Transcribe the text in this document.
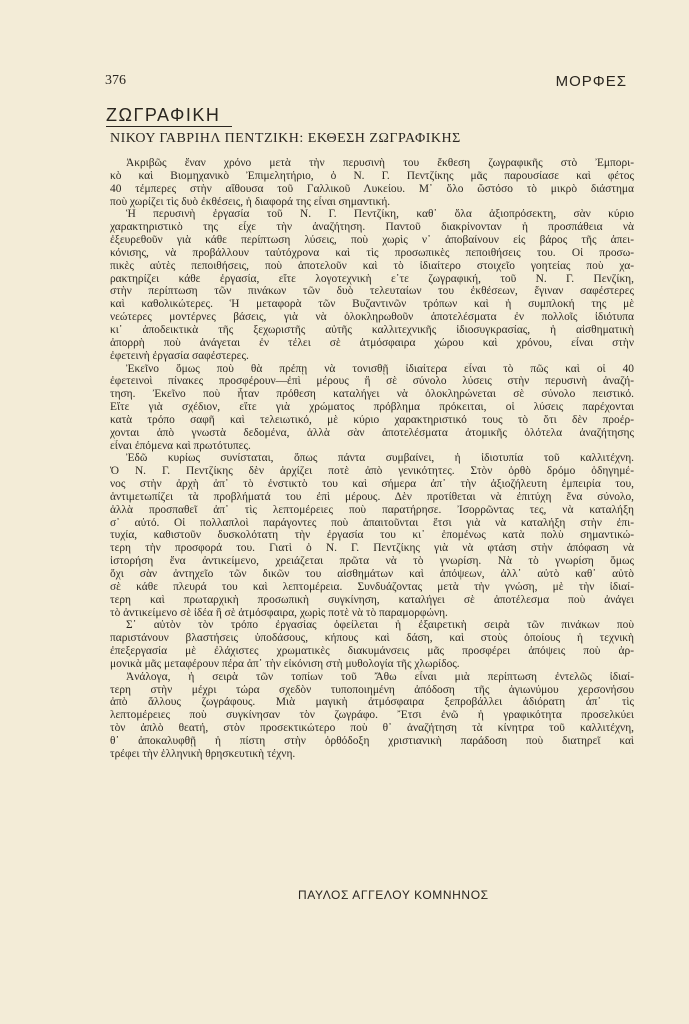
376	ΜΟΡΦΕΣ
ΖΩΓΡΑΦΙΚΗ
ΝΙΚΟΥ ΓΑΒΡΙΗΛ ΠΕΝΤΖΙΚΗ: ΕΚΘΕΣΗ ΖΩΓΡΑΦΙΚΗΣ
Ἀκριβῶς ἕναν χρόνο μετὰ τὴν περυσινὴ του ἔκθεση ζωγραφικῆς στὸ Ἐμπορι-
κὸ καὶ Βιομηχανικὸ Ἐπιμελητήριο, ὁ Ν. Γ. Πεντζίκης μᾶς παρουσίασε καὶ φέτος
40 τέμπερες στὴν αἴθουσα τοῦ Γαλλικοῦ Λυκείου. Μ᾿ ὅλο ὥστόσο τὸ μικρὸ διάστημα
ποὺ χωρίζει τὶς δυὸ ἐκθέσεις, ἡ διαφορά της εἶναι σημαντική.
Ἡ περυσινὴ ἐργασία τοῦ Ν. Γ. Πεντζίκη, καθ᾿ ὅλα ἀξιοπρόσεκτη, σὰν κύριο
χαρακτηριστικὸ της εἶχε τὴν ἀναζήτηση. Παντοῦ διακρίνονταν ἡ προσπάθεια νὰ
ἐξευρεθοῦν γιὰ κάθε περίπτωση λύσεις, ποὺ χωρὶς ν᾿ ἀποβαίνουν εἰς βάρος τῆς ἀπει-
κόνισης, νὰ προβάλλουν ταὐτόχρονα καὶ τὶς προσωπικὲς πεποιθήσεις του. Οἱ προσω-
πικὲς αὐτὲς πεποιθήσεις, ποὺ ἀποτελοῦν καὶ τὸ ἰδιαίτερο στοιχεῖο γοητείας ποὺ χα-
ρακτηρίζει κάθε ἐργασία, εἴτε λογοτεχνικὴ ε᾿τε ζωγραφική, τοῦ Ν. Γ. Πενζίκη,
στὴν περίπτωση τῶν πινάκων τῶν δυὸ τελευταίων του ἐκθέσεων, ἔγιναν σαφέστερες
καὶ καθολικώτερες. Ἡ μεταφορὰ τῶν Βυζαντινῶν τρόπων καὶ ἡ συμπλοκή της μὲ
νεώτερες μοντέρνες βάσεις, γιὰ νὰ ὁλοκληρωθοῦν ἀποτελέσματα ἐν πολλοῖς ἰδιότυπα
κι᾿ ἀποδεικτικὰ τῆς ξεχωριστῆς αὐτῆς καλλιτεχνικῆς ἰδιοσυγκρασίας, ἡ αἰσθηματικὴ
ἀπορρὴ ποὺ ἀνάγεται ἐν τέλει σὲ ἀτμόσφαιρα χώρου καὶ χρόνου, εἶναι στὴν
ἐφετεινὴ ἐργασία σαφέστερες.
Ἐκεῖνο ὅμως ποὺ θὰ πρέπῃ νὰ τονισθῇ ἰδιαίτερα εἶναι τὸ πῶς καὶ οἱ 40
ἐφετεινοὶ πίνακες προσφέρουν—ἐπὶ μέρους ἢ σὲ σύνολο λύσεις στὴν περυσινὴ ἀναζή-
τηση. Ἐκεῖνο ποὺ ἦταν πρόθεση καταλήγει νὰ ὁλοκληρώνεται σὲ σύνολο πειστικό.
Εἴτε γιὰ σχέδιον, εἴτε γιὰ χρώματος πρόβλημα πρόκειται, οἱ λύσεις παρέχονται
κατὰ τρόπο σαφῆ καὶ τελειωτικό, μὲ κύριο χαρακτηριστικό τους τὸ ὅτι δὲν προέρ-
χονται ἀπὸ γνωστὰ δεδομένα, ἀλλὰ σὰν ἀποτελέσματα ἀτομικῆς ὁλότελα ἀναζήτησης
εἶναι ἐπόμενα καὶ πρωτότυπες.
Ἐδῶ κυρίως συνίσταται, ὅπως πάντα συμβαίνει, ἡ ἰδιοτυπία τοῦ καλλιτέχνη.
Ὁ Ν. Γ. Πεντζίκης δὲν ἀρχίζει ποτὲ ἀπὸ γενικότητες. Στὸν ὀρθὸ δρόμο ὁδηγημέ-
νος στὴν ἀρχὴ ἀπ᾿ τὸ ἐνστικτὸ του καὶ σήμερα ἀπ᾿ τὴν ἀξιοζήλευτη ἐμπειρία του,
ἀντιμετωπίζει τὰ προβλήματά του ἐπὶ μέρους. Δὲν προτίθεται νὰ ἐπιτύχη ἕνα σύνολο,
ἀλλὰ προσπαθεῖ ἀπ᾿ τὶς λεπτομέρειες ποὺ παρατήρησε. Ἰσορρῶντας τες, νὰ καταλήξη
σ᾿ αὐτό. Οἱ πολλαπλοὶ παράγοντες ποὺ ἀπαιτοῦνται ἔτσι γιὰ νὰ καταλήξη στὴν ἐπι-
τυχία, καθιστοῦν δυσκολότατη τὴν ἐργασία του κι᾿ ἑπομένως κατὰ πολὺ σημαντικώ-
τερη τὴν προσφορά του. Γιατὶ ὁ Ν. Γ. Πεντζίκης γιὰ νὰ φτάση στὴν ἀπόφαση νὰ
ἱστορήση ἕνα ἀντικείμενο, χρειάζεται πρῶτα νὰ τὸ γνωρίση. Νὰ τὸ γνωρίση ὅμως
ὄχι σὰν ἀντηχεῖο τῶν δικῶν του αἰσθημάτων καὶ ἀπόψεων, ἀλλ᾿ αὐτὸ καθ᾿ αὐτὸ
σὲ κάθε πλευρά του καὶ λεπτομέρεια. Συνδυάζοντας μετὰ τὴν γνώση, μὲ τὴν ἰδιαί-
τερη καὶ πρωταρχικὴ προσωπικὴ συγκίνηση, καταλήγει σὲ ἀποτέλεσμα ποὺ ἀνάγει
τὸ ἀντικείμενο σὲ ἰδέα ἢ σὲ ἀτμόσφαιρα, χωρὶς ποτὲ νὰ τὸ παραμορφώνη.
Σ᾿ αὐτὸν τὸν τρόπο ἐργασίας ὀφείλεται ἡ ἐξαιρετικὴ σειρὰ τῶν πινάκων ποὺ
παριστάνουν βλαστήσεις ὑποδάσους, κήπους καὶ δάση, καὶ στοὺς ὁποίους ἡ τεχνικὴ
ἐπεξεργασία μὲ ἐλάχιστες χρωματικὲς διακυμάνσεις μᾶς προσφέρει ἀπόψεις ποὺ ἁρ-
μονικὰ μᾶς μεταφέρουν πέρα ἀπ᾿ τὴν εἰκόνιση στὴ μυθολογία τῆς χλωρίδος.
Ἀνάλογα, ἡ σειρὰ τῶν τοπίων τοῦ Ἄθω εἶναι μιὰ περίπτωση ἐντελῶς ἰδιαί-
τερη στὴν μέχρι τώρα σχεδὸν τυποποιημένη ἀπόδοση τῆς ἁγιωνύμου χερσονήσου
ἀπὸ ἄλλους ζωγράφους. Μιὰ μαγικὴ ἀτμόσφαιρα ξεπροβάλλει ἀδιόρατη ἀπ᾿ τὶς
λεπτομέρειες ποὺ συγκίνησαν τὸν ζωγράφο. Ἔτσι ἐνῶ ἡ γραφικότητα προσελκύει
τὸν ἁπλὸ θεατή, στὸν προσεκτικώτερο ποὺ θ᾿ ἀναζήτηση τὰ κίνητρα τοῦ καλλιτέχνη,
θ᾿ ἀποκαλυφθῇ ἡ πίστη στὴν ὀρθόδοξη χριστιανικὴ παράδοση ποὺ διατηρεῖ καὶ
τρέφει τὴν ἑλληνικὴ θρησκευτικὴ τέχνη.
ΠΑΥΛΟΣ ΑΓΓΕΛΟΥ ΚΟΜΝΗΝΟΣ
